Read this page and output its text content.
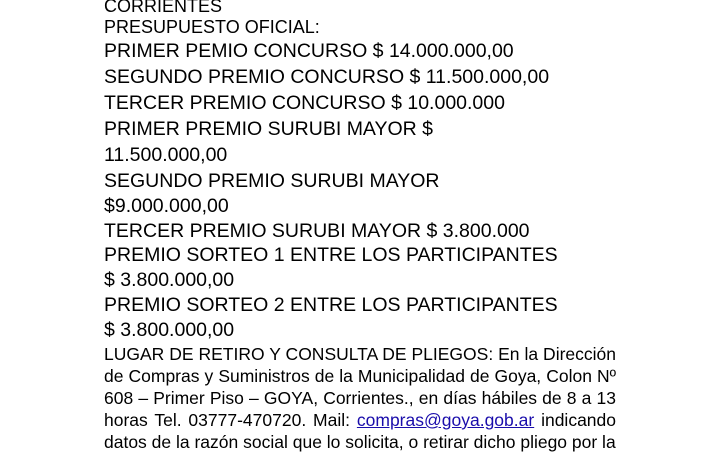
CORRIENTES
PRESUPUESTO OFICIAL:
PRIMER PEMIO CONCURSO $ 14.000.000,00
SEGUNDO PREMIO CONCURSO $ 11.500.000,00
TERCER PREMIO CONCURSO $ 10.000.000
PRIMER PREMIO SURUBI MAYOR $
11.500.000,00
SEGUNDO PREMIO SURUBI MAYOR
$9.000.000,00
TERCER PREMIO SURUBI MAYOR $ 3.800.000
PREMIO SORTEO 1 ENTRE LOS PARTICIPANTES
$ 3.800.000,00
PREMIO SORTEO 2 ENTRE LOS PARTICIPANTES
$ 3.800.000,00
LUGAR DE RETIRO Y CONSULTA DE PLIEGOS: En la Dirección de Compras y Suministros de la Municipalidad de Goya, Colon Nº 608 – Primer Piso – GOYA, Corrientes., en días hábiles de 8 a 13 horas Tel. 03777-470720. Mail: compras@goya.gob.ar indicando datos de la razón social que lo solicita, o retirar dicho pliego por la
